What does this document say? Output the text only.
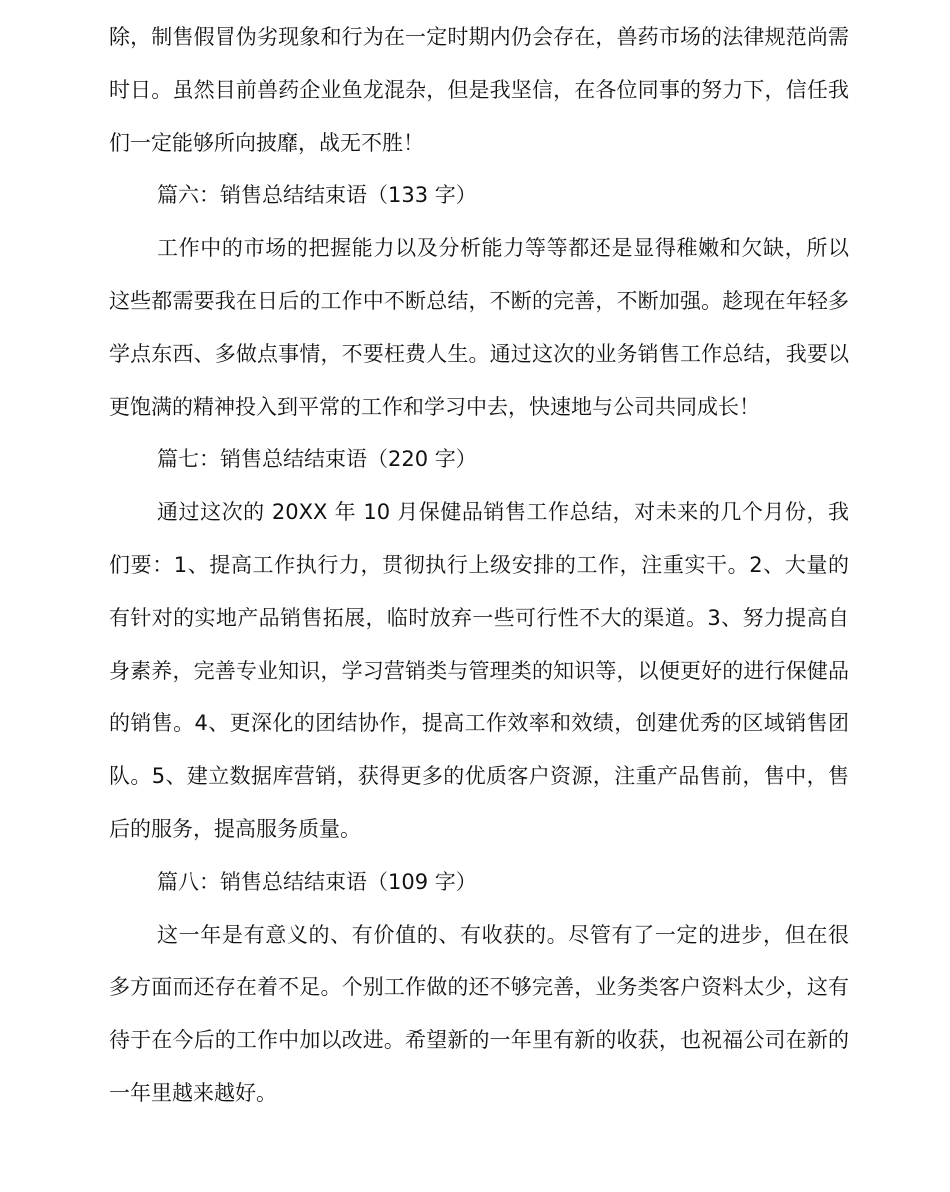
除，制售假冒伪劣现象和行为在一定时期内仍会存在，兽药市场的法律规范尚需时日。虽然目前兽药企业鱼龙混杂，但是我坚信，在各位同事的努力下，信任我们一定能够所向披靡，战无不胜！

篇六：销售总结结束语（133 字）

工作中的市场的把握能力以及分析能力等等都还是显得稚嫩和欠缺，所以这些都需要我在日后的工作中不断总结，不断的完善，不断加强。趁现在年轻多学点东西、多做点事情，不要枉费人生。通过这次的业务销售工作总结，我要以更饱满的精神投入到平常的工作和学习中去，快速地与公司共同成长！

篇七：销售总结结束语（220 字）

通过这次的 20XX 年 10 月保健品销售工作总结，对未来的几个月份，我们要：1、提高工作执行力，贯彻执行上级安排的工作，注重实干。2、大量的有针对的实地产品销售拓展，临时放弃一些可行性不大的渠道。3、努力提高自身素养，完善专业知识，学习营销类与管理类的知识等，以便更好的进行保健品的销售。4、更深化的团结协作，提高工作效率和效绩，创建优秀的区域销售团队。5、建立数据库营销，获得更多的优质客户资源，注重产品售前，售中，售后的服务，提高服务质量。

篇八：销售总结结束语（109 字）

这一年是有意义的、有价值的、有收获的。尽管有了一定的进步，但在很多方面而还存在着不足。个别工作做的还不够完善，业务类客户资料太少，这有待于在今后的工作中加以改进。希望新的一年里有新的收获，也祝福公司在新的一年里越来越好。
